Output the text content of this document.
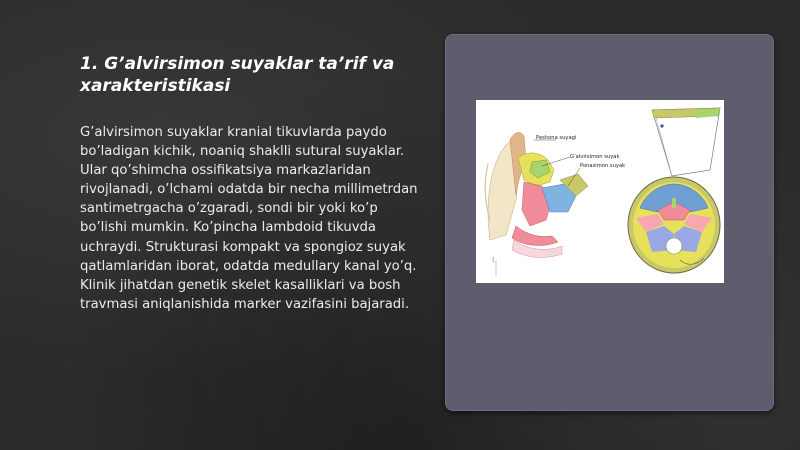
1. G’alvirsimon suyaklar ta’rif va xarakteristikasi

G’alvirsimon suyaklar kranial tikuvlarda paydo bo’ladigan kichik, noaniq shaklli sutural suyaklar. Ular qo’shimcha ossifikatsiya markazlaridan rivojlanadi, o’lchami odatda bir necha millimetrdan santimetrgacha o’zgaradi, sondi bir yoki ko’p bo’lishi mumkin. Ko’pincha lambdoid tikuvda uchraydi. Strukturasi kompakt va spongioz suyak qatlamlaridan iborat, odatda medullary kanal yo’q. Klinik jihatdan genetik skelet kasalliklari va bosh travmasi aniqlanishida marker vazifasini bajaradi.

Peshona suyagi
G’alvirsimon suyak
Ponasimon suyak
(
